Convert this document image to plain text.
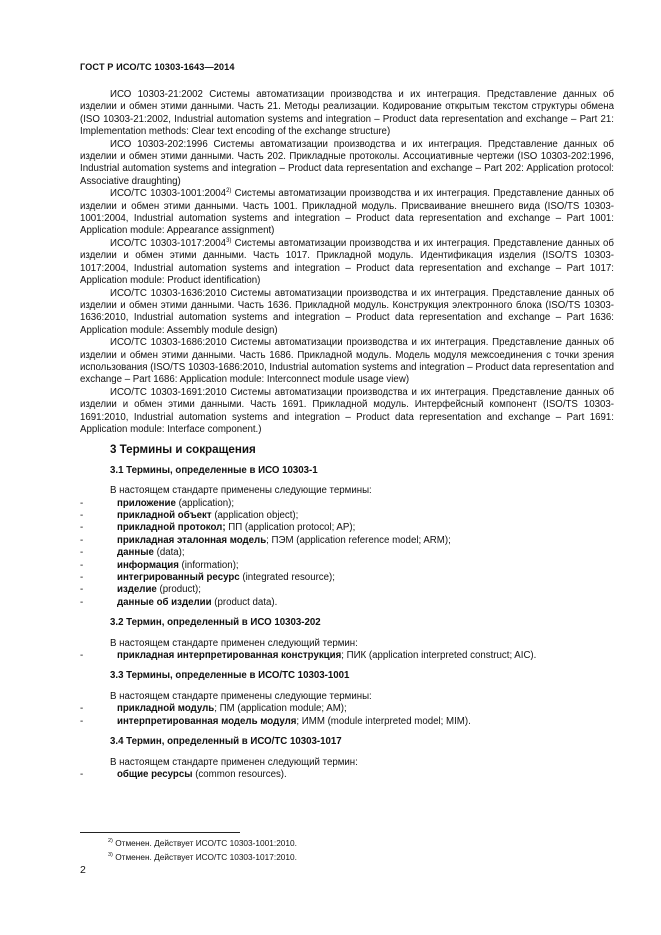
ГОСТ Р ИСО/ТС 10303-1643—2014

ИСО 10303-21:2002 Системы автоматизации производства и их интеграция. Представление данных об изделии и обмен этими данными. Часть 21. Методы реализации. Кодирование открытым текстом структуры обмена (ISO 10303-21:2002, Industrial automation systems and integration – Product data representation and exchange – Part 21: Implementation methods: Clear text encoding of the exchange structure)

ИСО 10303-202:1996 Системы автоматизации производства и их интеграция. Представление данных об изделии и обмен этими данными. Часть 202. Прикладные протоколы. Ассоциативные чертежи (ISO 10303-202:1996, Industrial automation systems and integration – Product data representation and exchange – Part 202: Application protocol: Associative draughting)

ИСО/ТС 10303-1001:2004$^{2)}$ Системы автоматизации производства и их интеграция. Представление данных об изделии и обмен этими данными. Часть 1001. Прикладной модуль. Присваивание внешнего вида (ISO/TS 10303-1001:2004, Industrial automation systems and integration – Product data representation and exchange – Part 1001: Application module: Appearance assignment)

ИСО/ТС 10303-1017:2004$^{3)}$ Системы автоматизации производства и их интеграция. Представление данных об изделии и обмен этими данными. Часть 1017. Прикладной модуль. Идентификация изделия (ISO/TS 10303-1017:2004, Industrial automation systems and integration – Product data representation and exchange – Part 1017: Application module: Product identification)

ИСО/ТС 10303-1636:2010 Системы автоматизации производства и их интеграция. Представление данных об изделии и обмен этими данными. Часть 1636. Прикладной модуль. Конструкция электронного блока (ISO/TS 10303-1636:2010, Industrial automation systems and integration – Product data representation and exchange – Part 1636: Application module: Assembly module design)

ИСО/ТС 10303-1686:2010 Системы автоматизации производства и их интеграция. Представление данных об изделии и обмен этими данными. Часть 1686. Прикладной модуль. Модель модуля межсоединения с точки зрения использования (ISO/TS 10303-1686:2010, Industrial automation systems and integration – Product data representation and exchange – Part 1686: Application module: Interconnect module usage view)

ИСО/ТС 10303-1691:2010 Системы автоматизации производства и их интеграция. Представление данных об изделии и обмен этими данными. Часть 1691. Прикладной модуль. Интерфейсный компонент (ISO/TS 10303-1691:2010, Industrial automation systems and integration – Product data representation and exchange – Part 1691: Application module: Interface component.)

3 Термины и сокращения
3.1 Термины, определенные в ИСО 10303-1
В настоящем стандарте применены следующие термины:
-	приложение (application);
-	прикладной объект (application object);
-	прикладной протокол; ПП (application protocol; AP);
-	прикладная эталонная модель; ПЭМ (application reference model; ARM);
-	данные (data);
-	информация (information);
-	интегрированный ресурс (integrated resource);
-	изделие (product);
-	данные об изделии (product data).
3.2 Термин, определенный в ИСО 10303-202
В настоящем стандарте применен следующий термин:
-	прикладная интерпретированная конструкция; ПИК (application interpreted construct; AIC).
3.3 Термины, определенные в ИСО/ТС 10303-1001
В настоящем стандарте применены следующие термины:
-	прикладной модуль; ПМ (application module; AM);
-	интерпретированная модель модуля; ИММ (module interpreted model; MIM).
3.4 Термин, определенный в ИСО/ТС 10303-1017
В настоящем стандарте применен следующий термин:
-	общие ресурсы (common resources).
$^{2)}$ Отменен. Действует ИСО/ТС 10303-1001:2010.
$^{3)}$ Отменен. Действует ИСО/ТС 10303-1017:2010.
2
